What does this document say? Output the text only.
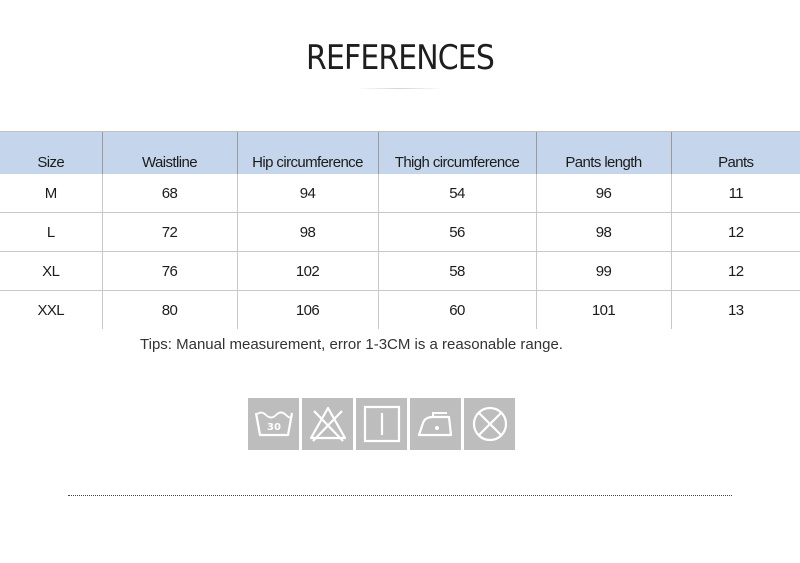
REFERENCES
Size	Waistline	Hip circumference	Thigh circumference	Pants length	Pants
M	68	94	54	96	11
L	72	98	56	98	12
XL	76	102	58	99	12
XXL	80	106	60	101	13
Tips: Manual measurement, error 1-3CM is a reasonable range.
30
